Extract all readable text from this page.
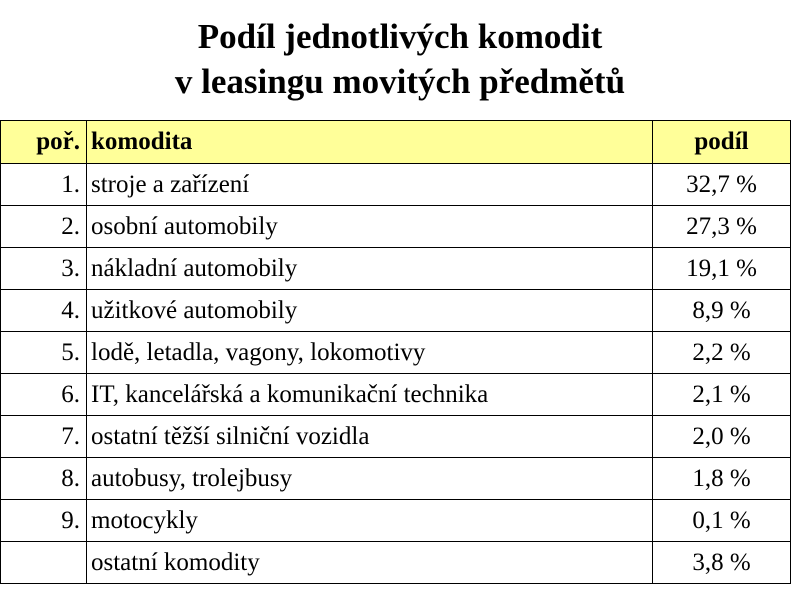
Podíl jednotlivých komodit
v leasingu movitých předmětů
poř.	komodita	podíl
1.	stroje a zařízení	32,7 %
2.	osobní automobily	27,3 %
3.	nákladní automobily	19,1 %
4.	užitkové automobily	8,9 %
5.	lodě, letadla, vagony, lokomotivy	2,2 %
6.	IT, kancelářská a komunikační technika	2,1 %
7.	ostatní těžší silniční vozidla	2,0 %
8.	autobusy, trolejbusy	1,8 %
9.	motocykly	0,1 %
	ostatní komodity	3,8 %
